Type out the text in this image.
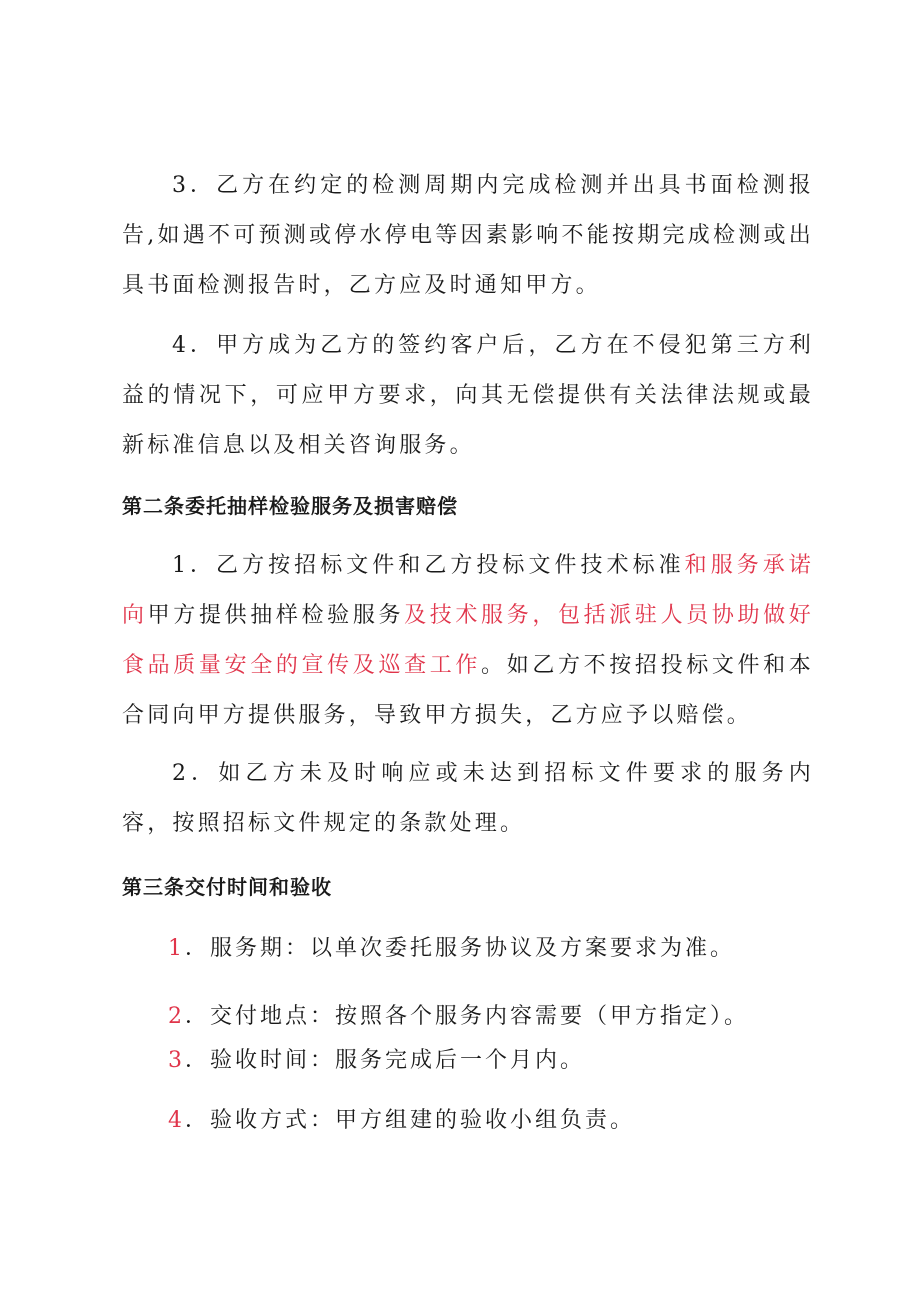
3．乙方在约定的检测周期内完成检测并出具书面检测报告,如遇不可预测或停水停电等因素影响不能按期完成检测或出具书面检测报告时，乙方应及时通知甲方。

4．甲方成为乙方的签约客户后，乙方在不侵犯第三方利益的情况下，可应甲方要求，向其无偿提供有关法律法规或最新标准信息以及相关咨询服务。

第二条委托抽样检验服务及损害赔偿

1．乙方按招标文件和乙方投标文件技术标准和服务承诺向甲方提供抽样检验服务及技术服务，包括派驻人员协助做好食品质量安全的宣传及巡查工作。如乙方不按招投标文件和本合同向甲方提供服务，导致甲方损失，乙方应予以赔偿。

2．如乙方未及时响应或未达到招标文件要求的服务内容，按照招标文件规定的条款处理。

第三条交付时间和验收

1．服务期：以单次委托服务协议及方案要求为准。

2．交付地点：按照各个服务内容需要（甲方指定）。

3．验收时间：服务完成后一个月内。

4．验收方式：甲方组建的验收小组负责。
